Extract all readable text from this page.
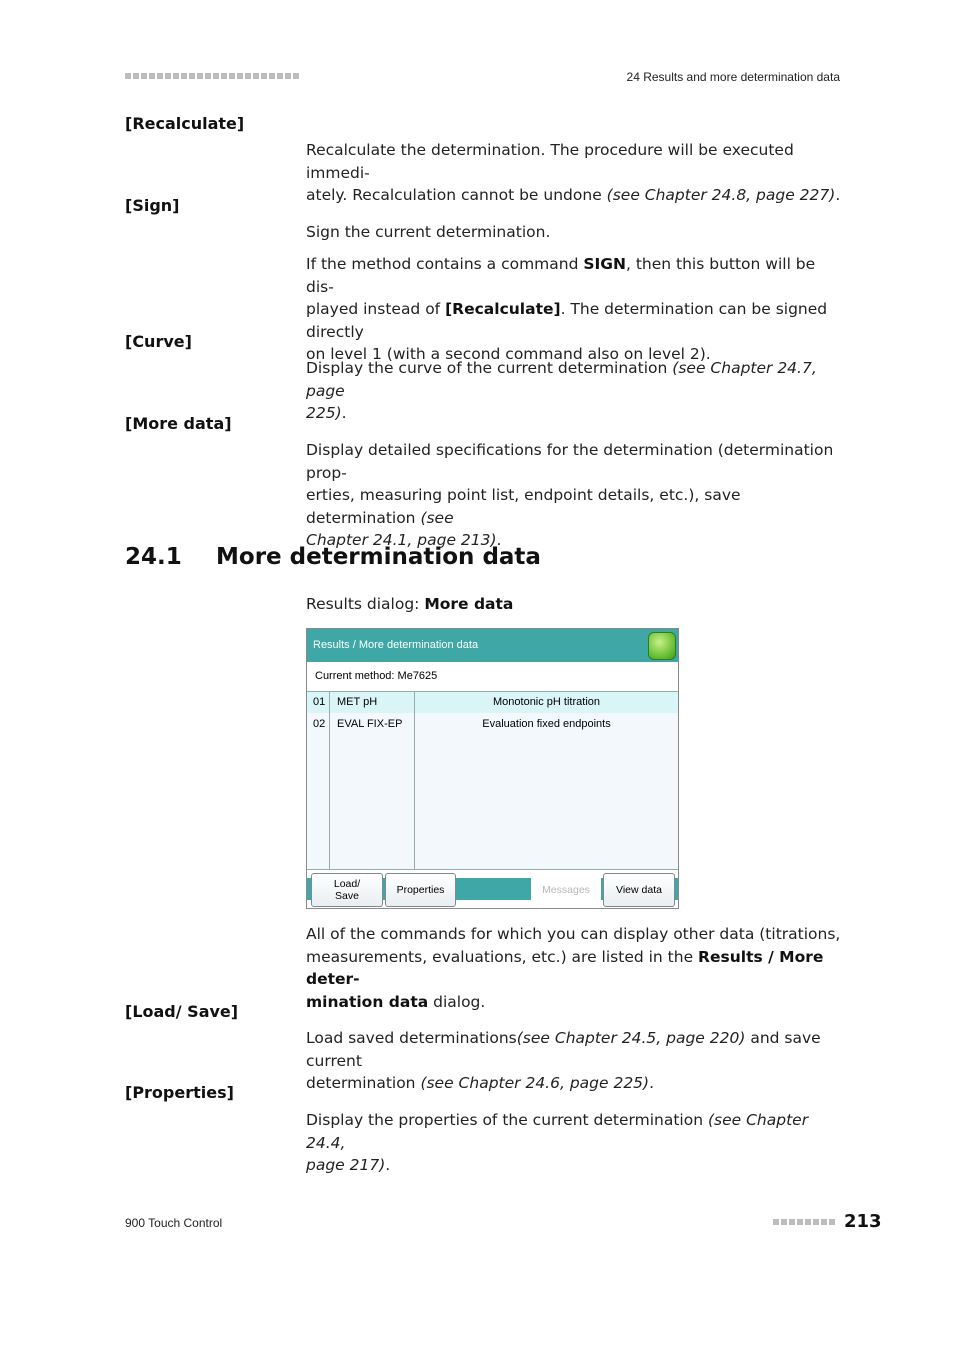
24 Results and more determination data
[Recalculate]
Recalculate the determination. The procedure will be executed immedi-
ately. Recalculation cannot be undone (see Chapter 24.8, page 227).
[Sign]
Sign the current determination.
If the method contains a command SIGN, then this button will be dis-
played instead of [Recalculate]. The determination can be signed directly
on level 1 (with a second command also on level 2).
[Curve]
Display the curve of the current determination (see Chapter 24.7, page
225).
[More data]
Display detailed specifications for the determination (determination prop-
erties, measuring point list, endpoint details, etc.), save determination (see
Chapter 24.1, page 213).
24.1 More determination data
Results dialog: More data
Results / More determination data
Current method: Me7625
01 MET pH	Monotonic pH titration
02 EVAL FIX-EP	Evaluation fixed endpoints
Load/
Save	Properties	Messages	View data
All of the commands for which you can display other data (titrations,
measurements, evaluations, etc.) are listed in the Results / More deter-
mination data dialog.
[Load/ Save]
Load saved determinations(see Chapter 24.5, page 220) and save current
determination (see Chapter 24.6, page 225).
[Properties]
Display the properties of the current determination (see Chapter 24.4,
page 217).
900 Touch Control	213
